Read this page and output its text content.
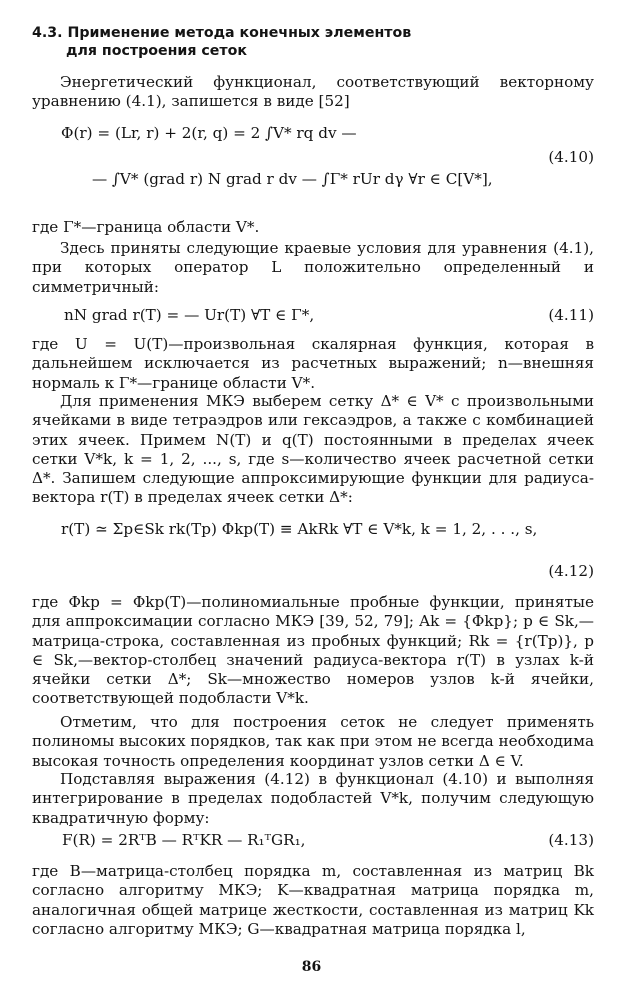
4.3. Применение метода конечных элементов
для построения сеток
Энергетический функционал, соответствующий векторному уравнению (4.1), запишется в виде [52]
Φ(r) = (Lr, r) + 2(r, q) = 2 ∫V* rq dv —
— ∫V* (grad r) N grad r dv — ∫Γ* rUr dγ ∀r ∈ C[V*],
(4.10)
где Γ*—граница области V*.
Здесь приняты следующие краевые условия для уравнения (4.1), при которых оператор L положительно определенный и симметричный:
nN grad r(T) = — Ur(T) ∀T ∈ Γ*,	(4.11)
где U = U(T)—произвольная скалярная функция, которая в дальнейшем исключается из расчетных выражений; n—внешняя нормаль к Γ*—границе области V*.
Для применения МКЭ выберем сетку Δ* ∈ V* с произвольными ячейками в виде тетраэдров или гексаэдров, а также с комбинацией этих ячеек. Примем N(T) и q(T) постоянными в пределах ячеек сетки V*k, k = 1, 2, ..., s, где s—количество ячеек расчетной сетки Δ*. Запишем следующие аппроксимирующие функции для радиуса-вектора r(T) в пределах ячеек сетки Δ*:
r(T) ≃ Σp∈Sk rk(Tp) Φkp(T) ≡ AkRk ∀T ∈ V*k, k = 1, 2, . . ., s,
(4.12)
где Φkp = Φkp(T)—полиномиальные пробные функции, принятые для аппроксимации согласно МКЭ [39, 52, 79]; Ak = {Φkp}; p ∈ Sk,—матрица-строка, составленная из пробных функций; Rk = {r(Tp)}, p ∈ Sk,—вектор-столбец значений радиуса-вектора r(T) в узлах k-й ячейки сетки Δ*; Sk—множество номеров узлов k-й ячейки, соответствующей подобласти V*k.
Отметим, что для построения сеток не следует применять полиномы высоких порядков, так как при этом не всегда необходима высокая точность определения координат узлов сетки Δ ∈ V.
Подставляя выражения (4.12) в функционал (4.10) и выполняя интегрирование в пределах подобластей V*k, получим следующую квадратичную форму:
F(R) = 2RᵀB — RᵀKR — R₁ᵀGR₁,	(4.13)
где B—матрица-столбец порядка m, составленная из матриц Bk согласно алгоритму МКЭ; K—квадратная матрица порядка m, аналогичная общей матрице жесткости, составленная из матриц Kk согласно алгоритму МКЭ; G—квадратная матрица порядка l,
86
